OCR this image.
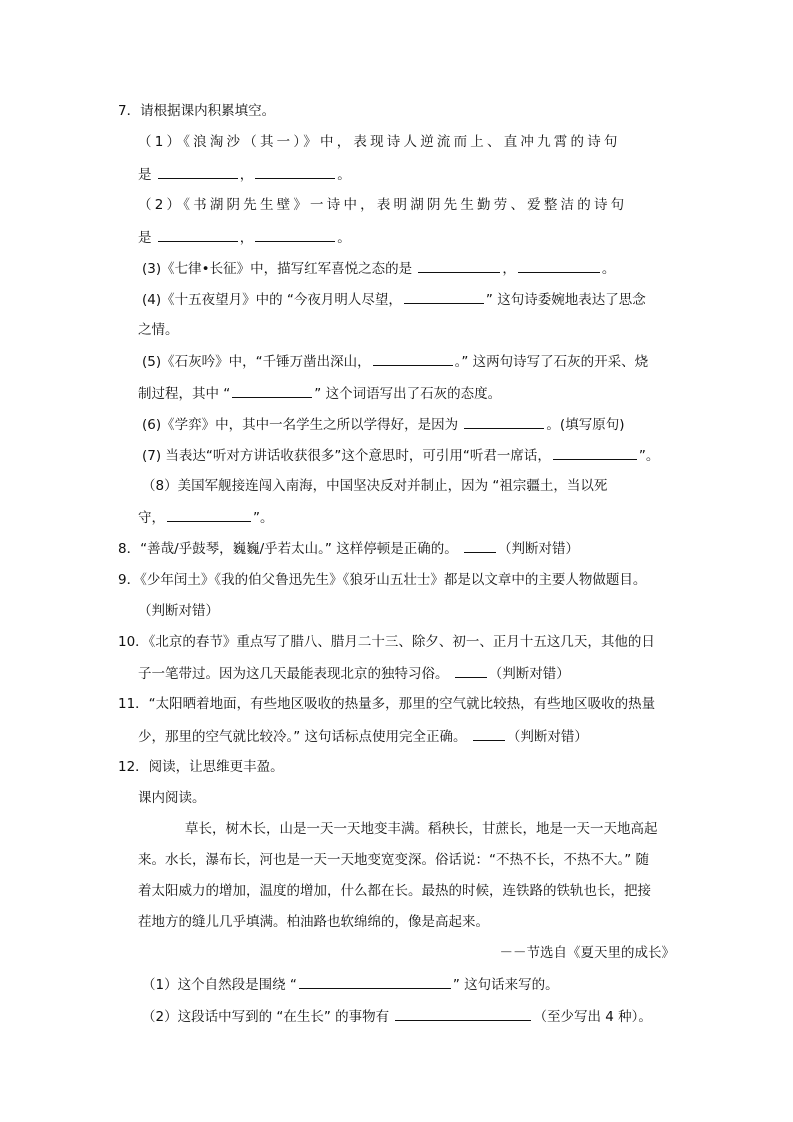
7．请根据课内积累填空。
（1）《浪淘沙（其一）》中，表现诗人逆流而上、直冲九霄的诗句
是	，	。
（2）《书湖阴先生壁》一诗中，表明湖阴先生勤劳、爱整洁的诗句
是	，	。
(3)《七律•长征》中，描写红军喜悦之态的是	，	。
(4)《十五夜望月》中的 “今夜月明人尽望，	” 这句诗委婉地表达了思念
之情。
(5)《石灰吟》中，“千锤万凿出深山，	。” 这两句诗写了石灰的开采、烧
制过程，其中 “	” 这个词语写出了石灰的态度。
(6)《学弈》中，其中一名学生之所以学得好，是因为	。(填写原句)
(7) 当表达“听对方讲话收获很多”这个意思时，可引用“听君一席话，	”。
（8）美国军舰接连闯入南海，中国坚决反对并制止，因为 “祖宗疆土，当以死
守，	”。
8．“善哉/乎鼓琴，巍巍/乎若太山。” 这样停顿是正确的。	（判断对错）
9．《少年闰土》《我的伯父鲁迅先生》《狼牙山五壮士》都是以文章中的主要人物做题目。
（判断对错）
10．《北京的春节》重点写了腊八、腊月二十三、除夕、初一、正月十五这几天，其他的日
子一笔带过。因为这几天最能表现北京的独特习俗。	（判断对错）
11．“太阳晒着地面，有些地区吸收的热量多，那里的空气就比较热，有些地区吸收的热量
少，那里的空气就比较冷。” 这句话标点使用完全正确。	（判断对错）
12．阅读，让思维更丰盈。
课内阅读。
草长，树木长，山是一天一天地变丰满。稻秧长，甘蔗长，地是一天一天地高起
来。水长，瀑布长，河也是一天一天地变宽变深。俗话说：“不热不长，不热不大。” 随
着太阳威力的增加，温度的增加，什么都在长。最热的时候，连铁路的铁轨也长，把接
茬地方的缝儿几乎填满。柏油路也软绵绵的，像是高起来。
－－节选自《夏天里的成长》
（1）这个自然段是围绕 “	” 这句话来写的。
（2）这段话中写到的 “在生长” 的事物有	（至少写出 4 种）。
